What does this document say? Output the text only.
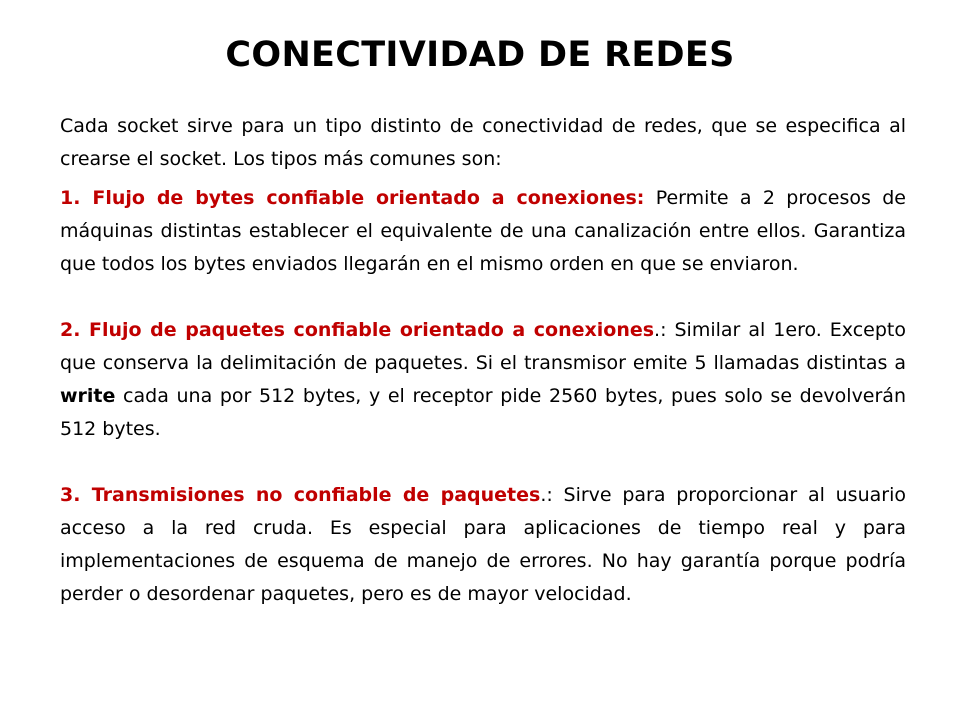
CONECTIVIDAD DE REDES

Cada socket sirve para un tipo distinto de conectividad de redes, que se especifica al crearse el socket. Los tipos más comunes son:

1. Flujo de bytes confiable orientado a conexiones: Permite a 2 procesos de máquinas distintas establecer el equivalente de una canalización entre ellos. Garantiza que todos los bytes enviados llegarán en el mismo orden en que se enviaron.

2. Flujo de paquetes confiable orientado a conexiones.: Similar al 1ero. Excepto que conserva la delimitación de paquetes. Si el transmisor emite 5 llamadas distintas a write cada una por 512 bytes, y el receptor pide 2560 bytes, pues solo se devolverán 512 bytes.

3. Transmisiones no confiable de paquetes.: Sirve para proporcionar al usuario acceso a la red cruda. Es especial para aplicaciones de tiempo real y para implementaciones de esquema de manejo de errores. No hay garantía porque podría perder o desordenar paquetes, pero es de mayor velocidad.
